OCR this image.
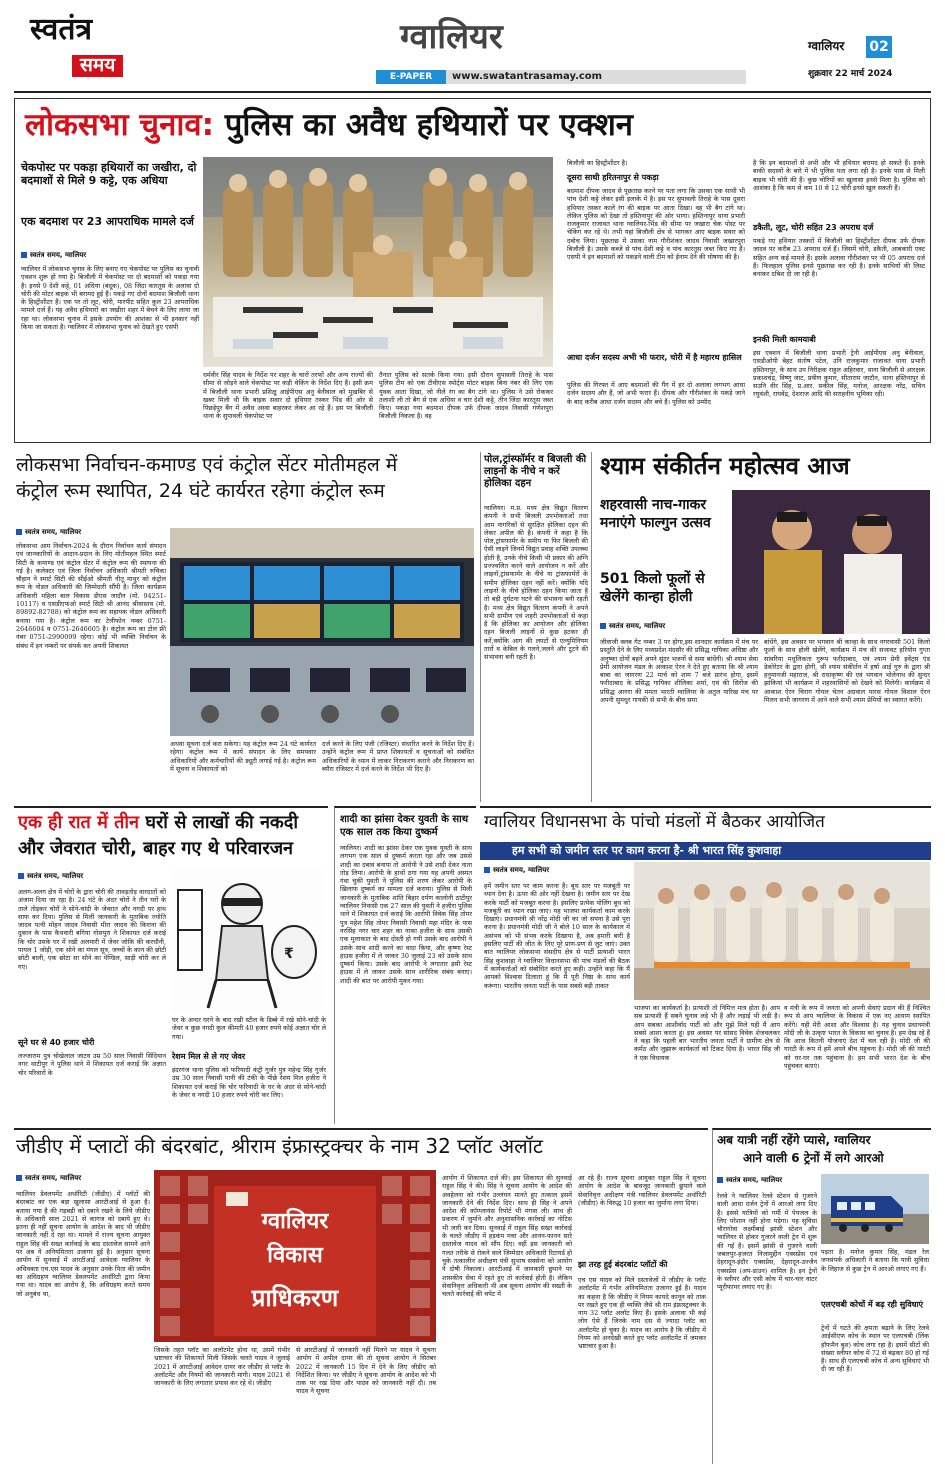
स्वतंत्र
समय
ग्वालियर
E-PAPER	www.swatantrasamay.com
ग्वालियर 02
शुक्रवार 22 मार्च 2024
लोकसभा चुनाव: पुलिस का अवैध हथियारों पर एक्शन
चेकपोस्ट पर पकड़ा हथियारों का जखीरा, दो बदमाशों से मिले 9 कट्टे, एक अधिया
एक बदमाश पर 23 आपराधिक मामले दर्ज
स्वतंत्र समय, ग्वालियर
ग्वालियर में लोकसभा चुनाव के लिए बनाए गए चेकपोस्ट पर पुलिस का चुनावी एक्शन शुरू हो गया है। बिजौली में चेकपोस्ट पर दो बदमाशों को पकड़ा गया है। इनसे 9 देशी कट्टे, 01 अधिया (बंदूक), 08 जिंदा कारतूस के अलावा दो चोरी की मोटर बाइक भी बरामद हुई हैं। पकड़े गए दोनों बदमाश बिजौली थाना के हिस्ट्रीशीटर हैं। एक पर तो लूट, चोरी, मारपीट सहित कुल 23 आपराधिक मामले दर्ज हैं। यह अवैध हथियारों का जखीरा शहर में बेचने के लिए लाया जा रहा था। लोकसभा चुनाव में इसके उपयोग की आशंका से भी इनकार नहीं किया जा सकता है। ग्वालियर में लोकसभा चुनाव को देखते हुए एसपी
धर्मवीर सिंह यादव के निर्देश पर शहर के चारों तरफों और अन्य राज्यों की सीमा से जोड़ने वाले चेकपोस्ट पर कड़ी चेकिंग के निर्देश दिए हैं। इसी क्रम में बिजौली थाना प्रभारी प्रशिक्षु आईपीएस अनु बेनीवाल को मुखबिर से खबर मिली थी कि बाइक सवार दो हथियार तस्कर भिंड की ओर से पिछड़ेपुर बैंग में अवैध अस्त्रा बाहरकर लेकर आ रहे हैं। इस पर बिजौली थाना के सुपावली चेकपोस्ट पर
तैनात पुलिस को सतर्क किया गया। इसी दौरान सुपावली तिराहे के पास पुलिस टीम को एक टीवीएस स्पोर्ट्स मोटर बाइक बिना नंबर की लिए एक युवक आता दिखा, जो नीले रंग का बैग टांगे था। पुलिस ने उसे रोककर तलाशी ली तो बैग से एक अधिया व चार देशी कट्टे, तीन जिंदा कारतूस जब्त किए। पकड़ा गया बदमाश दीपक उर्फ दीपक जादव निवासी गणेशपुरा बिजौली निकला है। वह
बिजौली का हिस्ट्रीशीटर है।
दूसरा साथी हरितनापुर से पकड़ा
बदमाश दीपक जादव से पूछताछ करने पर पता लगा कि उसका एक साथी भी पांच देशी कट्टे लेकर इसी इलाके में है। इस पर सुपावली तिराहे के पास दूसरा हथियार तस्कर काले रंग की बाइक पर आता दिखा। वह भी बैग टांगे था। लेकिन पुलिस को देखा तो हस्तिनापुर की ओर भागा। हस्तिनापुर थाना प्रभारी राजकुमार राजावत थाना ग्वालियर-भिंड की सीमा पर जखारा चेक पोस्ट पर चेकिंग कर रहे थे। तभी यहां बिजौली क्षेत्र से भागकर आए बाइक सवार को दबोच लिया। पूछताछ में उसका नाम गौरीशंकर जादव निवासी जखारपुरा बिजौली है। उसके कब्जे से पांच देशी कट्टे व पांच कारतूस जब्त किए गए हैं। एसपी ने इन बदमाशों को पकड़ने वाली टीम को ईनाम देने की घोषणा की है।
आधा दर्जन सदस्य अभी भी फरार, चोरी में है महारथ हासिल
पुलिस की गिरफ्त में आए बदमाशों की गैंग में हर दो अलावा लगभग आधा दर्जन सदस्य और हैं, जो अभी फरार हैं। दीपक और गौरीशंकर के पकड़े जाने के बाद करीब आधा दर्जन सदस्य और बचे हैं। पुलिस को उम्मीद
है कि इन बदमाशों से अभी और भी हथियार बरामद हो सकते हैं। इनके बाकी सदस्यों के बारे में भी पुलिस पता लगा रही है। इनके पास से मिली बाइक भी चोरी की हैं। कुछ चोरियों का खुलासा इनसे मिला है। पुलिस को आशंका है कि कम से कम 10 से 12 चोरी इनसे खुल सकती हैं।
डकैती, लूट, चोरी सहित 23 अपराध दर्ज
पकड़े गए हथियार तस्करों में बिजौली का हिस्ट्रीशीटर दीपक उर्फ दीपक जादव पर करीब 23 अपराध दर्ज हैं। जिसमें चोरी, डकैती, आबकारी एक्ट सहित अन्य कई मामले हैं। इसके अलावा गौरीशंकर पर भी 05 अपराध दर्ज हैं। फिलहाल पुलिस इनसे पूछताछ कर रही है। इनके साथियों की लिस्ट बनाकर दबिश दी जा रही है।
इनकी मिली कामयाबी
इस एक्शन में बिजौली थाना प्रभारी ट्रेनी आईपीएस अनु बेनीवाल, एसडीओपी बेहट संतोष पटेल, उनि राजकुमार राजावत थाना प्रभारी हस्तिनापुर, के साथ उप निरीक्षक राहुल अहिरवार, थाना बिजौली से आरक्षक प्रकाशचंद्र, विष्णु जाट, प्रवीण कुमार, सीताराम जाटौन, थाना हस्तिनापुर से सउनि वीर सिंह, प्र.आर. सकील सिंह, मनोज, आरक्षक नरेंद्र, सचिन रघुवंशी, राघवेंद्र, देशराज आदि की सराहनीय भूमिका रही।
लोकसभा निर्वाचन-कमाण्ड एवं कंट्रोल सेंटर मोतीमहल में
कंट्रोल रूम स्थापित, 24 घंटे कार्यरत रहेगा कंट्रोल रूम
स्वतंत्र समय, ग्वालियर
लोकसभा आम निर्वाचन-2024 के दौरान निर्वाचन कार्य संपादन एवं जानकारियों के आदान-प्रदान के लिए मोतीमहल स्थित स्मार्ट सिटी के कमाण्ड एवं कंट्रोल सेंटर में कंट्रोल रूम की स्थापना की गई है। कलेक्टर एवं जिला निर्वाचन अधिकारी श्रीमती रुचिका चौहान ने स्मार्ट सिटी की सीईओ श्रीमती नीतू माथुर को कंट्रोल रूम के नोडल अधिकारी की जिम्मेदारी सौंपी है। जिला कार्यक्रम अधिकारी महिला बाल विकास डीएस जादौन (मो. 94251-10117) व एसडीएफओ स्मार्ट सिटी श्री आनंद श्रीवास्तव (मो. 89892-82788) को कंट्रोल रूम का सहायक नोडल अधिकारी बनाया गया है। कंट्रोल रूम का टेलीफोन नम्बर 0751-2646604 व 0751-2646605 है। कंट्रोल रूम का टोल फ्री नंबर 0751-2990099 रहेगा। कोई भी व्यक्ति निर्वाचन के संबंध में इन नम्बरों पर संपर्क कर अपनी शिकायत
अथवा सूचना दर्ज करा सकेगा। यह कंट्रोल रूम 24 घंटे कार्यरत रहेगा। कंट्रोल रूम में कार्य संपादन के लिए समयवार अधिकारियों और कर्मचारियों की ड्यूटी लगाई गई है। कंट्रोल रूम में सूचना व शिकायतों को
दर्ज करने के लिए पंजी (रजिस्टर) संधारित करने के निर्देश दिए हैं। उन्होंने कंट्रोल रूम में प्राप्त शिकायतों व सूचनाओं को संबंधित अधिकारियों के ध्यान में लाकर निराकरण कराने और निराकरण का ब्यौरा रजिस्टर में दर्ज करने के निर्देश भी दिए हैं।
पोल,ट्रांस्फॉर्मर व बिजली की लाइनों के नीचे न करें होलिका दहन
ग्वालियर। म.प्र. मध्य क्षेत्र विद्युत वितरण कंपनी ने सभी बिजली उपभोक्ताओं तथा आम नागरिकों से सुरक्षित होलिका दहन की लेकर अपील की है। कंपनी ने कहा है कि पोल,ट्रांसफार्मर के समीप या फिर बिजली की ऐसी लाइनें जिनमें विद्युत प्रवाह शक्ति उपलब्ध होती है, उनके नीचे किसी भी प्रकार की अग्नि प्रज्ज्वलित करने वाले आयोजन न करें और लाइनों,ट्रांसफार्मर के नीचे या ट्रांसफार्मरों के समीप होलिका दहन नहीं करें। क्योंकि यदि लाइनों के नीचे होलिका दहन किया जाता है तो बड़ी दुर्घटना घटने की संभावना बनी रहती है। मध्य क्षेत्र विद्युत वितरण कंपनी ने अपने सभी ग्रामीण एवं शहरी उपभोक्ताओं से कहा है कि होलिका का आयोजन और होलिका दहन बिजली लाइनों से कुछ हटकर ही करें,क्योंकि आग की लपटों से एल्युमिनियम तारों व केबिल के गलने,जलने और टूटने की संभावना बनी रहती है।
श्याम संकीर्तन महोत्सव आज
शहरवासी नाच-गाकर मनाएंगे फाल्गुन उत्सव
501 किलो फूलों से खेलेंगे कान्हा होली
स्वतंत्र समय, ग्वालियर
जीवाजी क्लब गेट नम्बर 3 पर होगा,इस शानदार कार्यक्रम में मंच पर प्रस्तुति देने के लिए मध्यप्रदेश मंदसौर की प्रसिद्ध गायिका अधिष्ठा और अनुष्का दोनों बहनें अपने सुंदर भजनों से समा बांधेंगी। श्री श्याम सेवा प्रेमी आयोजन मंडल के आकाश ऐरन ने देते हुए बताया कि श्री श्याम बाबा का जागरण 22 मार्च को शाम 7 बजे प्रारंभ होगा, इसमें फरीदाबाद के प्रसिद्ध गायिका शीलिका शर्मा, एवं की सिरोंज की प्रसिद्ध आगरा की ममता भारती ग्वालियर के अतुल पारिख मंच पर अपनी सुमधुर गायकी से सभी के बीच समा
बांधेंगे, इस अवसर पर भगवान श्री कान्हा के साथ नगरवासी 501 किलो फूलों के साथ होली खेलेंगे, कार्यक्रम में मंच की सजावट हरियोम गुप्ता सांवरिया मधुलिकता गुरूप फरीदाबाद, एवं श्याम प्रेमी इवेंट्स एंड डेकोरेटर के द्वारा होगी, श्री श्याम संकीर्तन में हर्षा आई गुरु के द्वारा श्री हनुमानजी महाराज, श्री राधाकृष्ण की एवं भगवान भोलेनाथ की सुन्दर झांकियां भी कार्यक्रम में शहरवासियों को देखने को मिलेगी। कार्यक्रम में आकाश ऐरन चिराग गोयल चेतन अग्रवाल पारस गोयल विशाल ऐरन मिलन सभी जागरण में आने वाले सभी श्याम प्रेमियों का स्वागत करेंगे।
एक ही रात में तीन घरों से लाखों की नकदी
और जेवरात चोरी, बाहर गए थे परिवारजन
स्वतंत्र समय, ग्वालियर
अलग-अलग क्षेत्र में चोरों के द्वारा चोरी की तावड़तोड़ वारदातों को अंजाम दिया जा रहा है। 24 घंटे के अंदर चोरों ने तीन घरों के ताले तोड़कर चोरों ने सोने-चांदी के जेवरात और नगदी पर हाथ साफ कर दिया। पुलिस से मिली जानकारी के मुताबिक ज्योति जादव पत्नी मोहन जादव निवासी मीरा जादव की किराना की दुकान के पास कैथवारी बगिया गोसपुरा ने शिकायत दर्ज कराई कि चोर उसके घर में रखी अलमारी में जेवर जोकि की करधौनी, पायल 1 जोड़ी, एक सोने का मंगल सूत्र, जच्चों के कान की छोटी छोटी बाली, एक छोटा सा सोने का पेण्डिल, साड़ी चोरी कर ले गए।
सूने घर से 40 हजार चोरी
लज्जाराम पुत्र चोखेलाल जाटव उम्र 50 साल निवासी सिंदियान नगर थाटीपुर ने पुलिस थाने में शिकायत दर्ज कराई कि अज्ञात चोर परिवारों के
₹
घर के अन्दर घरने के बाद रखी स्टील के डिब्बे में रखे सोने-चांदी के जेवर व कुछ नगदी कुल कीमती 40 हजार रुपये कोई अज्ञात चोर ले गया।
रेशम मिल से ले गए जेवर
इंदरगंज थाना पुलिस को फरियादी कंट्री गुर्जर पुत्र महेन्द्र सिंह गुर्जर उम्र 30 साल निवासी पानी की टंकी के पीछे रेशम मिल हजीरा ने शिकायत दर्ज कराई कि चोर फरियादी के घर के अंदर से सोने-चांदी के जेवर व नगदी 10 हजार रुपये चोरी कर लिए।
शादी का झांसा देकर युवती के साथ एक साल तक किया दुष्कर्म
ग्वालियर। शादी का झांसा देकर एक युवक युवती के साथ लगभग एक साल से दुष्कर्म करता रहा और जब उससे शादी का दबाव बनाया तो आरोपी ने उसे शादी देकर नाता तोड़ लिया। आरोपी के हाथों ठगा गया यह अपनी अस्मत गंवा चुकी युवती ने पुलिस की शरण लेकर आरोपी के खिलाफ दुष्कर्म का मामला दर्ज कराया। पुलिस से मिली जानकारी के मुताबिक शांति बिहार दर्पण कालोनी ठाटीपुर ग्वालियर निवासी एक 27 साल की युवती ने हजीरा पुलिस थाने में शिकायत दर्ज कराई कि आरोपी विवेक सिंह तोमर पुत्र महेश सिंह तोमर निवासी निवासी महा मंदिर के पास नरसिंह नगर चार शहर का नाका हजीरा के साथ उसकी एक मुलाकात के बाद दोस्ती हो गयी उसके बाद आरोपी ने उसके साथ शादी करने का वादा किया, और कृष्णा रेस्ट हाउस हजीरा में ले जाकर 30 जुलाई 23 को उसके साथ दुष्कर्म किया। उसके बाद आरोपी ने लगातार इसी रेस्ट हाउस में ले जाकर उसके साथ शारीरिक संबंध बनाए। शादी की बात पर आरोपी मुकर गया।
ग्वालियर विधानसभा के पांचो मंडलों में बैठकर आयोजित
हम सभी को जमीन स्तर पर काम करना है- श्री भारत सिंह कुशवाहा
स्वतंत्र समय, ग्वालियर
हमें जमीन स्तर पर काम करना है। बूथ स्तर पर मजबूती पर ध्यान देना है। ऊपर की ओर नहीं देखना है। जमीन स्तर पर देख करके पार्टी को मजबूत करना है। इसलिए प्रत्येक पोलिंग बूथ को मजबूती का ध्यान रखा जाए। यह भाजपा कार्यकर्ता काम करके दिखाएं। प्रधानमंत्री श्री नरेंद्र मोदी जी का जो सपना है उसे पूरा करना है। प्रधानमंत्री मोदी जी ने बोले 10 साल के कार्यकाल में असंभव को भी संभव करके दिखाया है, अब हमारी बारी है इसलिए पार्टी की जीत के लिए पूरे प्राण-प्रण से जुट जाएं। उक्त बात ग्वालियर लोकसभा संसदीय क्षेत्र से पार्टी प्रत्याशी भारत सिंह कुशवाहा ने ग्वालियर विधानसभा की पांच मंडलों की बैठक में कार्यकर्ताओं को संबोधित करते हुए कही। उन्होंने कहा कि मैं आपको विश्वास दिलाता हूं कि मैं पूरी निष्ठा के साथ कार्य करूंगा। भारतीय जनता पार्टी के पास सबसे बड़ी ताकत
भाजपा का कार्यकर्ता है। प्रत्याशी तो निमित्त मात्र होता है। आप सब प्रत्याशी हैं सबने चुनाव लड़े भी हैं और लड़ाई भी लड़ी है। आप सबका आशीर्वाद पार्टी को और मुझे मिले यही मैं आप सबसे आशा करता हूं। इस अवसर पर सांसद विवेक शेजवलकर ने कहा कि पहली बार भारतीय जनता पार्टी ने ग्रामीण क्षेत्र से कर्मठ और जुझारू कार्यकर्ता को टिकट दिया है। भारत सिंह जी ने एक विधायक
व मंत्री के रूप में जनता को अपनी सेवाएं प्रदान की हैं निश्चित रूप से आप ग्वालियर के विकास में एक नए आयाम स्थापित करेंगे। यही मेरी आशा और विश्वास है। यह चुनाव प्रधानमंत्री मोदी जी के उत्कृष्ट भारत के विकास का चुनाव है। हम देख रहे हैं कि आज कितनी योजनाएं देश में चल रही हैं। मोदी जी की गारंटी के रूप में हमें अपने बीच पहुंचना है। मोदी जी की गारंटी को घर-घर तक पहुंचाना है। हम सभी भारत देश के बीच पहुंचकर बताएं।
जीडीए में प्लाटों की बंदरबांट, श्रीराम इंफ्रास्ट्रक्चर के नाम 32 प्लॉट अलॉट
स्वतंत्र समय, ग्वालियर
ग्वालियर डेवलपमेंट अथॉरिटी (जीडीए) में प्लॉटों की बंदरबांट का एक बड़ा खुलासा आरटीआई से हुआ है। बताया गया है की गड़बड़ी को दबाने रखने के लिये जीडीए के अधिकारी साल 2021 से कागज को दबाये हुए थे। इतना ही नहीं सूचना आयोग के आदेश के बाद भी जीडीए जानकारी नहीं दे रहा था। मामले में राज्य सूचना आयुक्त राहुल सिंह की सख्त कार्रवाई के बाद दस्तावेज सामने आने पर अब ये अनियमितता उजागर हुई है। अनुसार सूचना आयोग में सुनवाई में आरटीआई आवेदक ग्वालियर के अधिवक्ता एच.एस यादव के अनुसार उनके पिता की जमीन का अधिग्रहण ग्वालियर डेवलपमेंट अथॉरिटी द्वारा किया गया था। यादव का आरोप है, कि अधिग्रहण करते समय जो अनुबंध था,
ग्वालियर
विकास
प्राधिकरण
जिसके तहत प्लॉट का अलॉटमेंट होना था, उसमें गंभीर भ्रष्टाचार की शिकायतें मिली जिसके चलते यादव ने जुलाई 2021 में आरटीआई आवेदन दायर कर जीडीए से प्लॉट के अलॉटमेंट और नियमों की जानकारी मांगी। यादव 2021 से जानकारी के लिए लगातार प्रयास कर रहे थे। जीडीए
से आरटीआई में जानकारी नहीं मिलने पर यादव ने सूचना आयोग में अपील दायर की तो सूचना आयोग ने सितंबर 2022 में जानकारी 15 दिन में देने के लिए जीडीए को निर्देशित किया। पर जीडीए ने सूचना आयोग के आदेश को भी ताक पर रख दिया और यादव को जानकारी नहीं दी। तब यादव ने सूचना
आयोग में शिकायत दर्ज की। इस शिकायत की सुनवाई राहुल सिंह ने की। सिंह ने सूचना आयोग के आदेश की अवहेलना को गंभीर उल्लंघन मानते हुए तत्काल इसमें जानकारी देने की निर्देश दिए। साथ ही सिंह ने अपने आदेश की कॉम्प्लायंस रिपोर्ट भी मंगवा ली। साथ ही प्रकरण में जुर्माने और अनुशासनिक कार्रवाई का नोटिस भी जारी कर दिया। सुनवाई में राहुल सिंह सख्त कार्रवाई के चलते जीडीए में हड़कंप मचा और आनन-फानन सारे दस्तावेज यादव को सौंप दिए। वहीं इस जानकारी को गलत तरीके से रोकने वाले जिम्मेदार अधिकारी रिटायर्ड हो चुके तत्कालीन अधीक्षण यंत्री सुभाष सक्सेना को आयोग ने दोषी निकाला। आरटीआई में जानकारी छुपाने पर शासकीय सेवा में रहते हुए तो कार्रवाई होती है। लेकिन सेवानिवृत्त अधिकारी भी अब सूचना आयोग की सख्ती के चलते कार्रवाई की चपेट में
आ रहे हैं। राज्य सूचना आयुक्त राहुल सिंह ने सूचना आयोग के आदेश के बावजूद जानकारी छुपाने वाले सेवानिवृत्त अधीक्षण यंत्री ग्वालियर डेवलपमेंट अथॉरिटी (जीडीए) के विरुद्ध 10 हजार का जुर्माना लगा दिया।
झा तरह हुई बंदरबांट प्लॉटों की
एच एस यादव को मिले दस्तावेजों में जीडीए के प्लॉट अलॉटमेंट में गंभीर अनियमितता उजागर हुई है। यादव का कहना है कि जीडीए ने नियम कायदे कानून को ताक पर रखते हुए एक ही व्यक्ति जैसे श्री राम इंफ्रास्ट्रक्चर के नाम 32 प्लॉट अलॉट किए हैं। इसके अलावा भी कई लोग ऐसे हैं जिनके नाम दस से ज्यादा प्लॉट का अलॉटमेंट हो चुका है। यादव का आरोप है कि जीडीए में नियम को अनदेखी करते हुए प्लॉट अलॉटमेंट में जमकर भ्रष्टाचार हुआ है।
अब यात्री नहीं रहेंगे प्यासे, ग्वालियर
आने वाली 6 ट्रेनों में लगे आरओ
स्वतंत्र समय, ग्वालियर
रेलवे ने ग्वालियर रेलवे स्टेशन से गुजरने वाली आधा दर्जन ट्रेनों में आरओ लगा दिए हैं। इससे यात्रियों को गर्मी में पेयजल के लिए परेशान नहीं होना पड़ेगा। यह सुविधा चौरागोवा लक्ष्मीबाई झांसी स्टेशन और ग्वालियर से होकर गुजरने वाली ट्रेन में शुरू की गई है। इसमें झांसी से गुजरने वाली जबलपुर-हजरत निजामुद्दीन एक्सप्रेस एवं देहरादून-इंदौर एक्सप्रेस, देहरादून-उज्जैन एक्सप्रेस (अप-डाउन) शामिल है। इन ट्रेनों के स्लीपर और एसी कोच में चार-चार वाटर प्यूरीफायर लगाए गए हैं।
पड़ता है। मनोज कुमार सिंह, मंडल रेल जनसंपर्क अधिकारी ने बताया कि यात्री सुविधा के लिहाज से कुछ ट्रेन में आरओ लगाए गए हैं।
एलएचबी कोचों में बढ़ रही सुविधाएं
ट्रेनों में घटते की क्षमता बढ़ाने के लिए रेलवे आईसीएफ कोच के स्थान पर एलएचबी (लिंक हॉफमैन बुश) कोच लगा रहा है। इसमें सीटों की संख्या स्लीपर कोच में 72 से बढ़कर 80 हो गई है। साथ ही एलएचबी कोच में अन्य सुविधाएं भी दी जा रही हैं।
